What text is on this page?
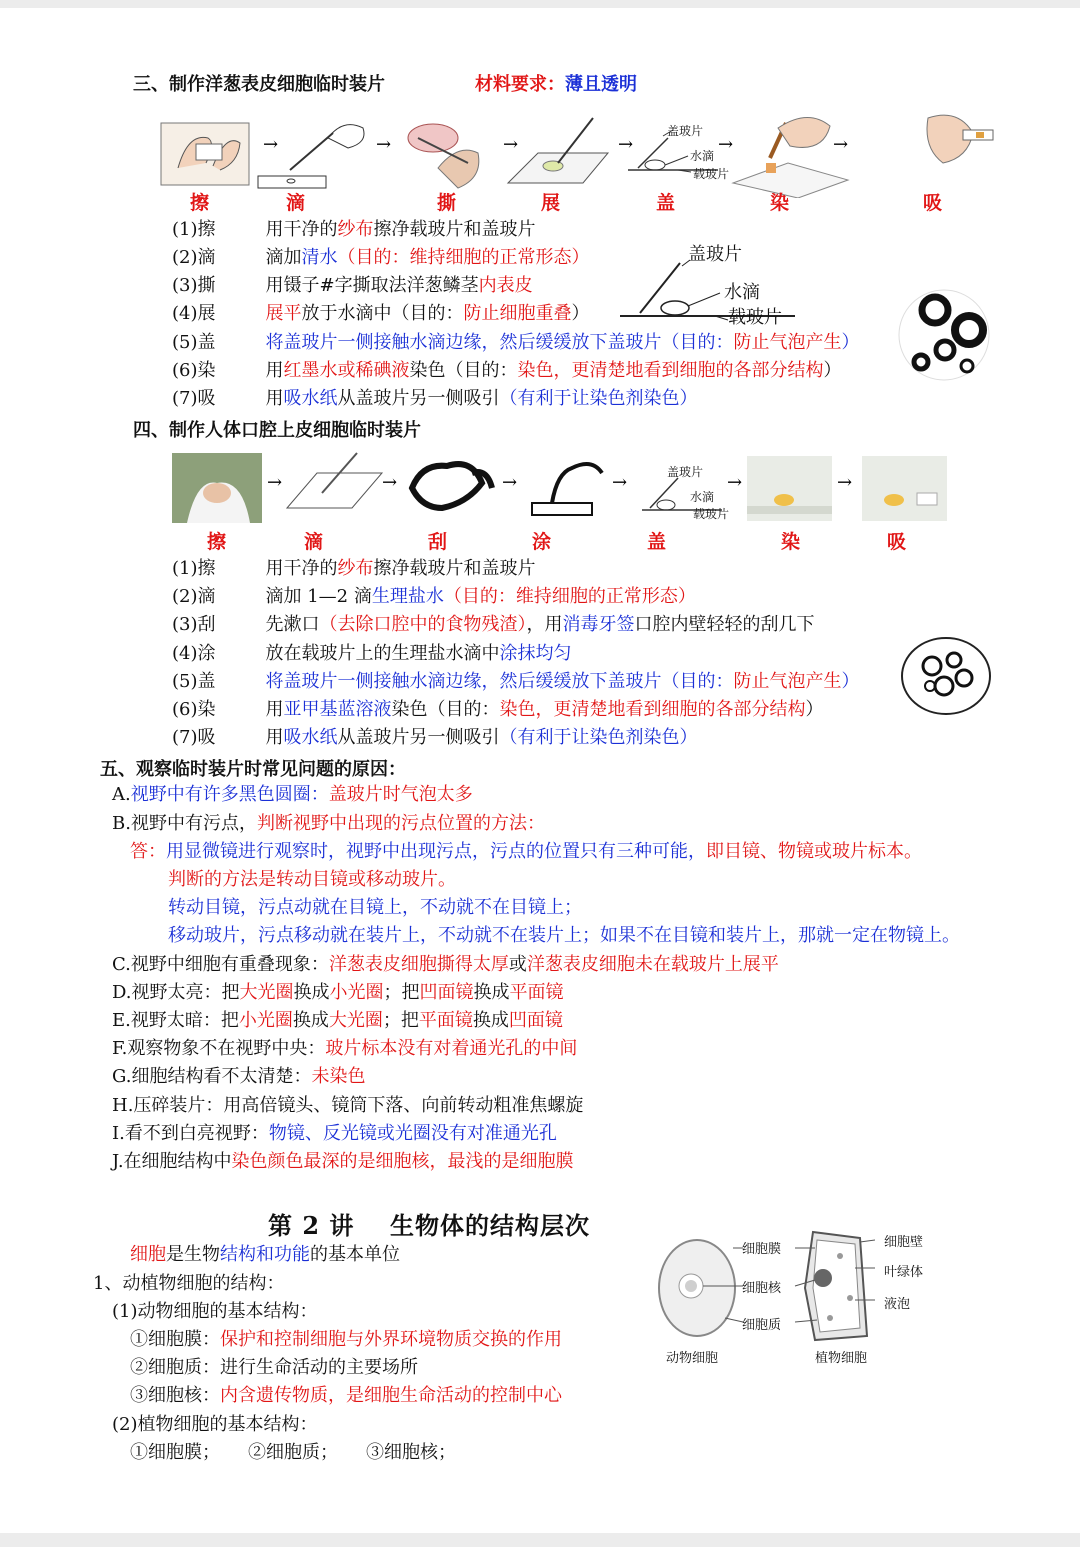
三、制作洋葱表皮细胞临时装片	材料要求：薄且透明
→	→	→	→	→	→
盖玻片
水滴
载玻片
擦	滴	撕	展	盖	染	吸
(1)擦	用干净的纱布擦净载玻片和盖玻片
(2)滴	滴加清水（目的：维持细胞的正常形态）
(3)撕	用镊子#字撕取法洋葱鳞茎内表皮
(4)展	展平放于水滴中（目的：防止细胞重叠）
(5)盖	将盖玻片一侧接触水滴边缘，然后缓缓放下盖玻片（目的：防止气泡产生）
(6)染	用红墨水或稀碘液染色（目的：染色，更清楚地看到细胞的各部分结构）
(7)吸	用吸水纸从盖玻片另一侧吸引（有利于让染色剂染色）
盖玻片
水滴
载玻片
四、制作人体口腔上皮细胞临时装片
→	→	→	→	→	→
盖玻片
水滴
载玻片
擦	滴	刮	涂	盖	染	吸
(1)擦	用干净的纱布擦净载玻片和盖玻片
(2)滴	滴加 1—2 滴生理盐水（目的：维持细胞的正常形态）
(3)刮	先漱口（去除口腔中的食物残渣），用消毒牙签口腔内壁轻轻的刮几下
(4)涂	放在载玻片上的生理盐水滴中涂抹均匀
(5)盖	将盖玻片一侧接触水滴边缘，然后缓缓放下盖玻片（目的：防止气泡产生）
(6)染	用亚甲基蓝溶液染色（目的：染色，更清楚地看到细胞的各部分结构）
(7)吸	用吸水纸从盖玻片另一侧吸引（有利于让染色剂染色）
五、观察临时装片时常见问题的原因：
A.视野中有许多黑色圆圈：盖玻片时气泡太多
B.视野中有污点，判断视野中出现的污点位置的方法：
答：用显微镜进行观察时，视野中出现污点，污点的位置只有三种可能，即目镜、物镜或玻片标本。
判断的方法是转动目镜或移动玻片。
转动目镜，污点动就在目镜上，不动就不在目镜上；
移动玻片，污点移动就在装片上，不动就不在装片上；如果不在目镜和装片上，那就一定在物镜上。
C.视野中细胞有重叠现象：洋葱表皮细胞撕得太厚或洋葱表皮细胞未在载玻片上展平
D.视野太亮：把大光圈换成小光圈；把凹面镜换成平面镜
E.视野太暗：把小光圈换成大光圈；把平面镜换成凹面镜
F.观察物象不在视野中央：玻片标本没有对着通光孔的中间
G.细胞结构看不太清楚：未染色
H.压碎装片：用高倍镜头、镜筒下落、向前转动粗准焦螺旋
I.看不到白亮视野：物镜、反光镜或光圈没有对准通光孔
J.在细胞结构中染色颜色最深的是细胞核，最浅的是细胞膜
第 2 讲 生物体的结构层次
细胞是生物结构和功能的基本单位
1、动植物细胞的结构：
(1)动物细胞的基本结构：
①细胞膜：保护和控制细胞与外界环境物质交换的作用
②细胞质：进行生命活动的主要场所
③细胞核：内含遗传物质，是细胞生命活动的控制中心
(2)植物细胞的基本结构：
①细胞膜； ②细胞质； ③细胞核；
细胞膜
细胞核
细胞质
细胞壁
叶绿体
液泡
动物细胞	植物细胞
